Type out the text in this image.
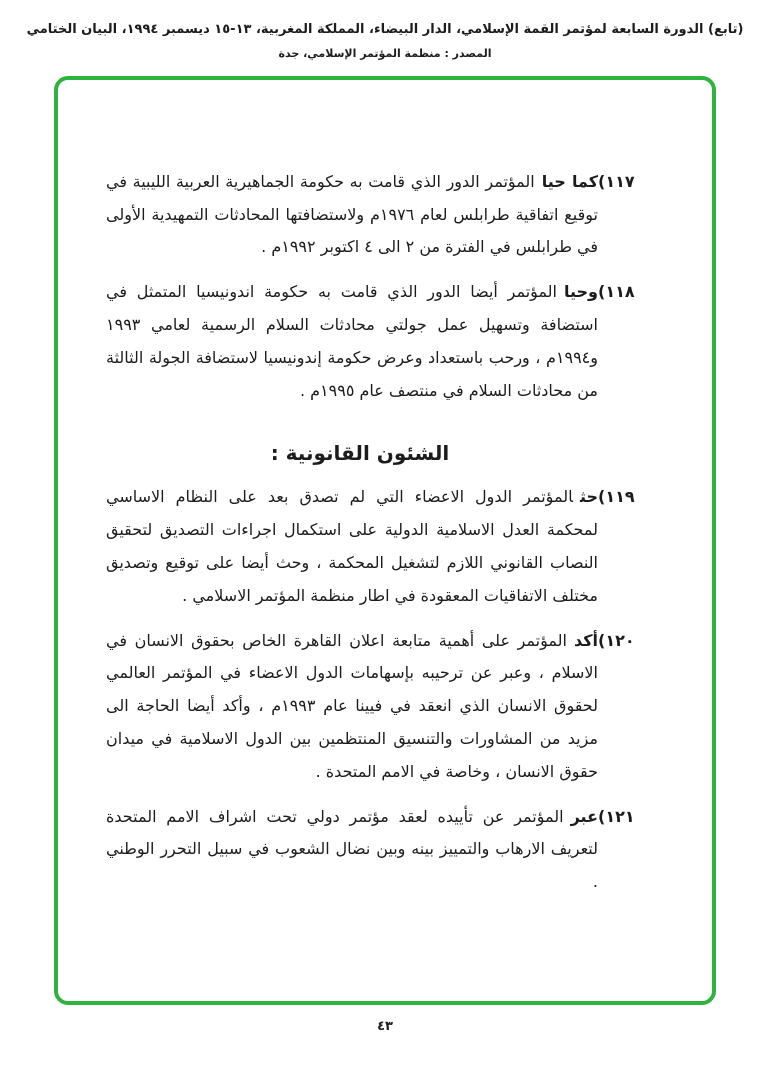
(تابع) الدورة السابعة لمؤتمر القمة الإسلامي، الدار البيضاء، المملكة المغربية، ١٣-١٥ ديسمبر ١٩٩٤، البيان الختامي
المصدر : منظمة المؤتمر الإسلامي، جدة
(١١٧
كما حياالمؤتمر الدور الذي قامت به حكومة الجماهيرية العربية الليبية في توقيع اتفاقية طرابلس لعام ١٩٧٦م ولاستضافتها المحادثات التمهيدية الأولى في طرابلس في الفترة من ٢ الى ٤ اكتوبر ١٩٩٢م .
(١١٨
وحياالمؤتمر أيضا الدور الذي قامت به حكومة اندونيسيا المتمثل في استضافة وتسهيل عمل جولتي محادثات السلام الرسمية لعامي ١٩٩٣ و١٩٩٤م ، ورحب باستعداد وعرض حكومة إندونيسيا لاستضافة الجولة الثالثة من محادثات السلام في منتصف عام ١٩٩٥م .
الشئون القانونية :
(١١٩
حثالمؤتمر الدول الاعضاء التي لم تصدق بعد على النظام الاساسي لمحكمة العدل الاسلامية الدولية على استكمال اجراءات التصديق لتحقيق النصاب القانوني اللازم لتشغيل المحكمة ، وحث أيضا على توقيع وتصديق مختلف الاتفاقيات المعقودة في اطار منظمة المؤتمر الاسلامي .
(١٢٠
أكدالمؤتمر على أهمية متابعة اعلان القاهرة الخاص بحقوق الانسان في الاسلام ، وعبر عن ترحيبه بإسهامات الدول الاعضاء في المؤتمر العالمي لحقوق الانسان الذي انعقد في فيينا عام ١٩٩٣م ، وأكد أيضا الحاجة الى مزيد من المشاورات والتنسيق المنتظمين بين الدول الاسلامية في ميدان حقوق الانسان ، وخاصة في الامم المتحدة .
(١٢١
عبرالمؤتمر عن تأييده لعقد مؤتمر دولي تحت اشراف الامم المتحدة لتعريف الارهاب والتمييز بينه وبين نضال الشعوب في سبيل التحرر الوطني .
٤٣
